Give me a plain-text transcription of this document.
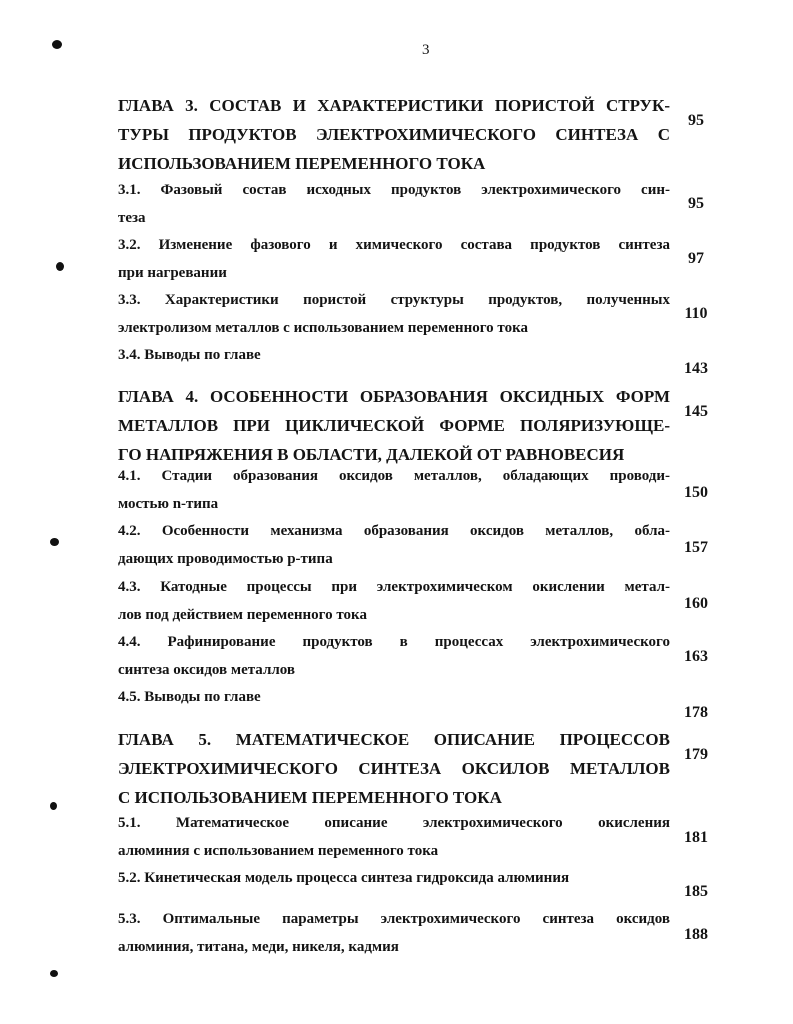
3
ГЛАВА 3. СОСТАВ И ХАРАКТЕРИСТИКИ ПОРИСТОЙ СТРУК-
ТУРЫ ПРОДУКТОВ ЭЛЕКТРОХИМИЧЕСКОГО СИНТЕЗА С
ИСПОЛЬЗОВАНИЕМ ПЕРЕМЕННОГО ТОКА
95
3.1. Фазовый состав исходных продуктов электрохимического син-
теза
95
3.2. Изменение фазового и химического состава продуктов синтеза
при нагревании
97
3.3. Характеристики пористой структуры продуктов, полученных
электролизом металлов с использованием переменного тока
110
3.4. Выводы по главе
143
ГЛАВА 4. ОСОБЕННОСТИ ОБРАЗОВАНИЯ ОКСИДНЫХ ФОРМ
МЕТАЛЛОВ ПРИ ЦИКЛИЧЕСКОЙ ФОРМЕ ПОЛЯРИЗУЮЩЕ-
ГО НАПРЯЖЕНИЯ В ОБЛАСТИ, ДАЛЕКОЙ ОТ РАВНОВЕСИЯ
145
4.1. Стадии образования оксидов металлов, обладающих проводи-
мостью n-типа
150
4.2. Особенности механизма образования оксидов металлов, обла-
дающих проводимостью p-типа
157
4.3. Катодные процессы при электрохимическом окислении метал-
лов под действием переменного тока
160
4.4. Рафинирование продуктов в процессах электрохимического
синтеза оксидов металлов
163
4.5. Выводы по главе
178
ГЛАВА 5. МАТЕМАТИЧЕСКОЕ ОПИСАНИЕ ПРОЦЕССОВ
ЭЛЕКТРОХИМИЧЕСКОГО СИНТЕЗА ОКСИЛОВ МЕТАЛЛОВ
С ИСПОЛЬЗОВАНИЕМ ПЕРЕМЕННОГО ТОКА
179
5.1. Математическое описание электрохимического окисления
алюминия с использованием переменного тока
181
5.2. Кинетическая модель процесса синтеза гидроксида алюминия
185
5.3. Оптимальные параметры электрохимического синтеза оксидов
алюминия, титана, меди, никеля, кадмия
188
